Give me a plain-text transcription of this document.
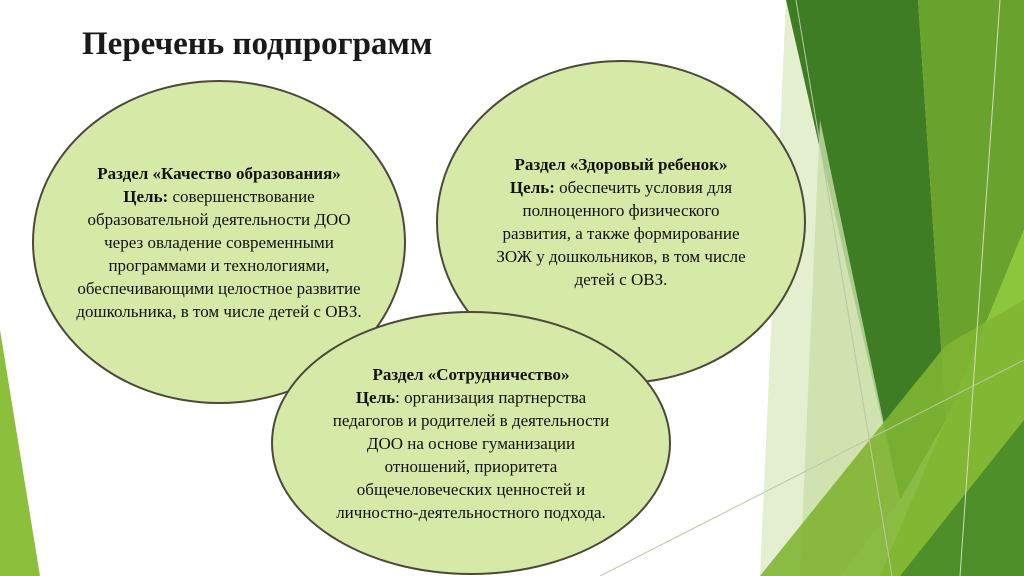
Перечень подпрограмм
Раздел «Качество образования»
Цель: совершенствование образовательной деятельности ДОО через овладение современными программами и технологиями, обеспечивающими целостное развитие дошкольника, в том числе детей с ОВЗ.
Раздел «Здоровый ребенок»
Цель: обеспечить условия для полноценного физического развития, а также формирование ЗОЖ у дошкольников, в том числе детей с ОВЗ.
Раздел «Сотрудничество»
Цель: организация партнерства педагогов и родителей в деятельности ДОО на основе гуманизации отношений, приоритета общечеловеческих ценностей и личностно-деятельностного подхода.
